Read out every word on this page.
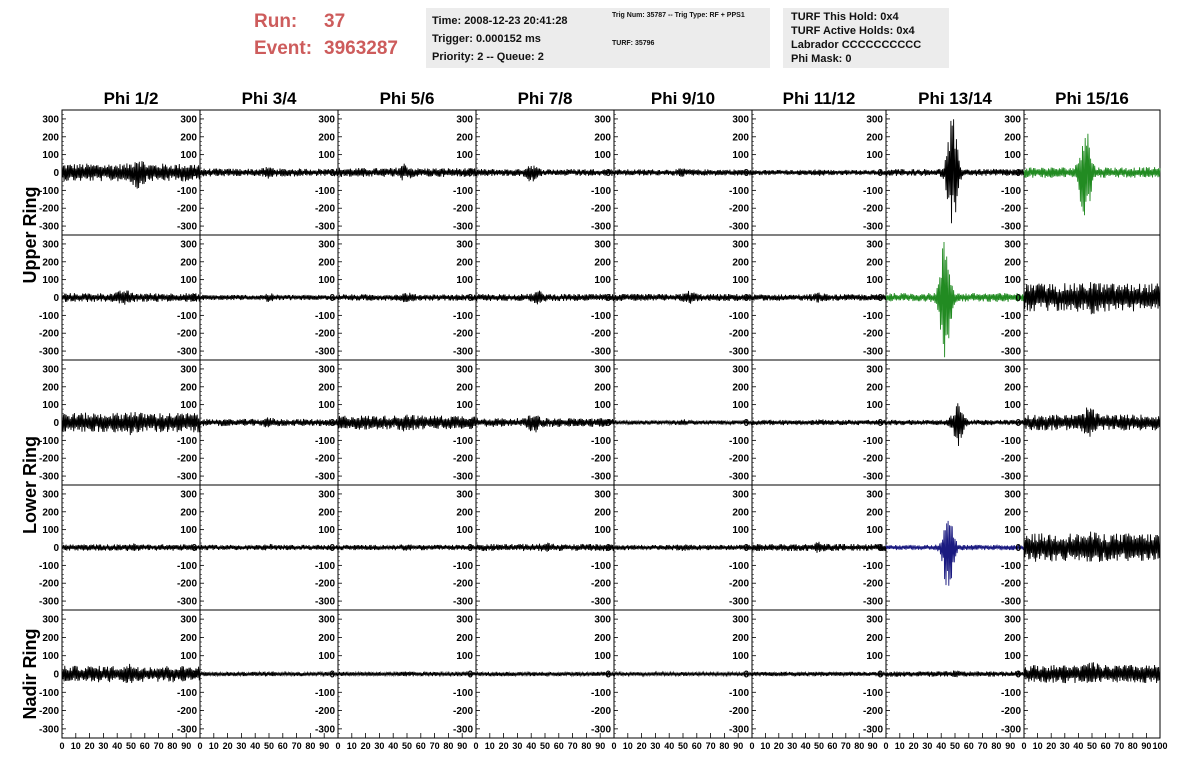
Run:	37
Event: 3963287
Time: 2008-12-23 20:41:28
Trigger: 0.000152 ms
Priority: 2 -- Queue: 2
Trig Num: 35787 -- Trig Type: RF + PPS1
TURF: 35796
TURF This Hold: 0x4
TURF Active Holds: 0x4
Labrador CCCCCCCCCC
Phi Mask: 0
Phi 1/2	Phi 3/4	Phi 5/6	Phi 7/8	Phi 9/10	Phi 11/12	Phi 13/14	Phi 15/16
Upper Ring
Lower Ring
Nadir Ring
-300
-200
-100
0
100
200
300
-300
-200
-100
0
100
200
300
-300
-200
-100
0
100
200
300
-300
-200
-100
0
100
200
300
-300
-200
-100
0
100
200
300
-300
-200
-100
0
100
200
300
-300
-200
-100
0
100
200
300
-300
-200
-100
0
100
200
300
-300
-200
-100
0
100
200
300
-300
-200
-100
0
100
200
300
-300
-200
-100
0
100
200
300
-300
-200
-100
0
100
200
300
-300
-200
-100
0
100
200
300
-300
-200
-100
0
100
200
300
-300
-200
-100
0
100
200
300
-300
-200
-100
0
100
200
300
-300
-200
-100
0
100
200
300
-300
-200
-100
0
100
200
300
-300
-200
-100
0
100
200
300
-300
-200
-100
0
100
200
300
-300
-200
-100
0
100
200
300
-300
-200
-100
0
100
200
300
-300
-200
-100
0
100
200
300
-300
-200
-100
0
100
200
300
-300
-200
-100
0
100
200
300
-300
-200
-100
0
100
200
300
-300
-200
-100
0
100
200
300
-300
-200
-100
0
100
200
300
-300
-200
-100
0
100
200
300
-300
-200
-100
0
100
200
300
-300
-200
-100
0
100
200
300
-300
-200
-100
0
100
200
300
-300
-200
-100
0
100
200
300
-300
-200
-100
0
100
200
300
-300
-200
-100
0
100
200
300
-300
-200
-100
0
100
200
300
-300
-200
-100
0
100
200
300
-300
-200
-100
0
100
200
300
-300
-200
-100
0
100
200
300
-300
-200
-100
0
100
200
300
0 10 20 30 40 50 60 70 80 90 0 10 20 30 40 50 60 70 80 90 0 10 20 30 40 50 60 70 80 90 0 10 20 30 40 50 60 70 80 90 0 10 20 30 40 50 60 70 80 90 0 10 20 30 40 50 60 70 80 90 0 10 20 30 40 50 60 70 80 90 0 10 20 30 40 50 60 70 80 90 100
